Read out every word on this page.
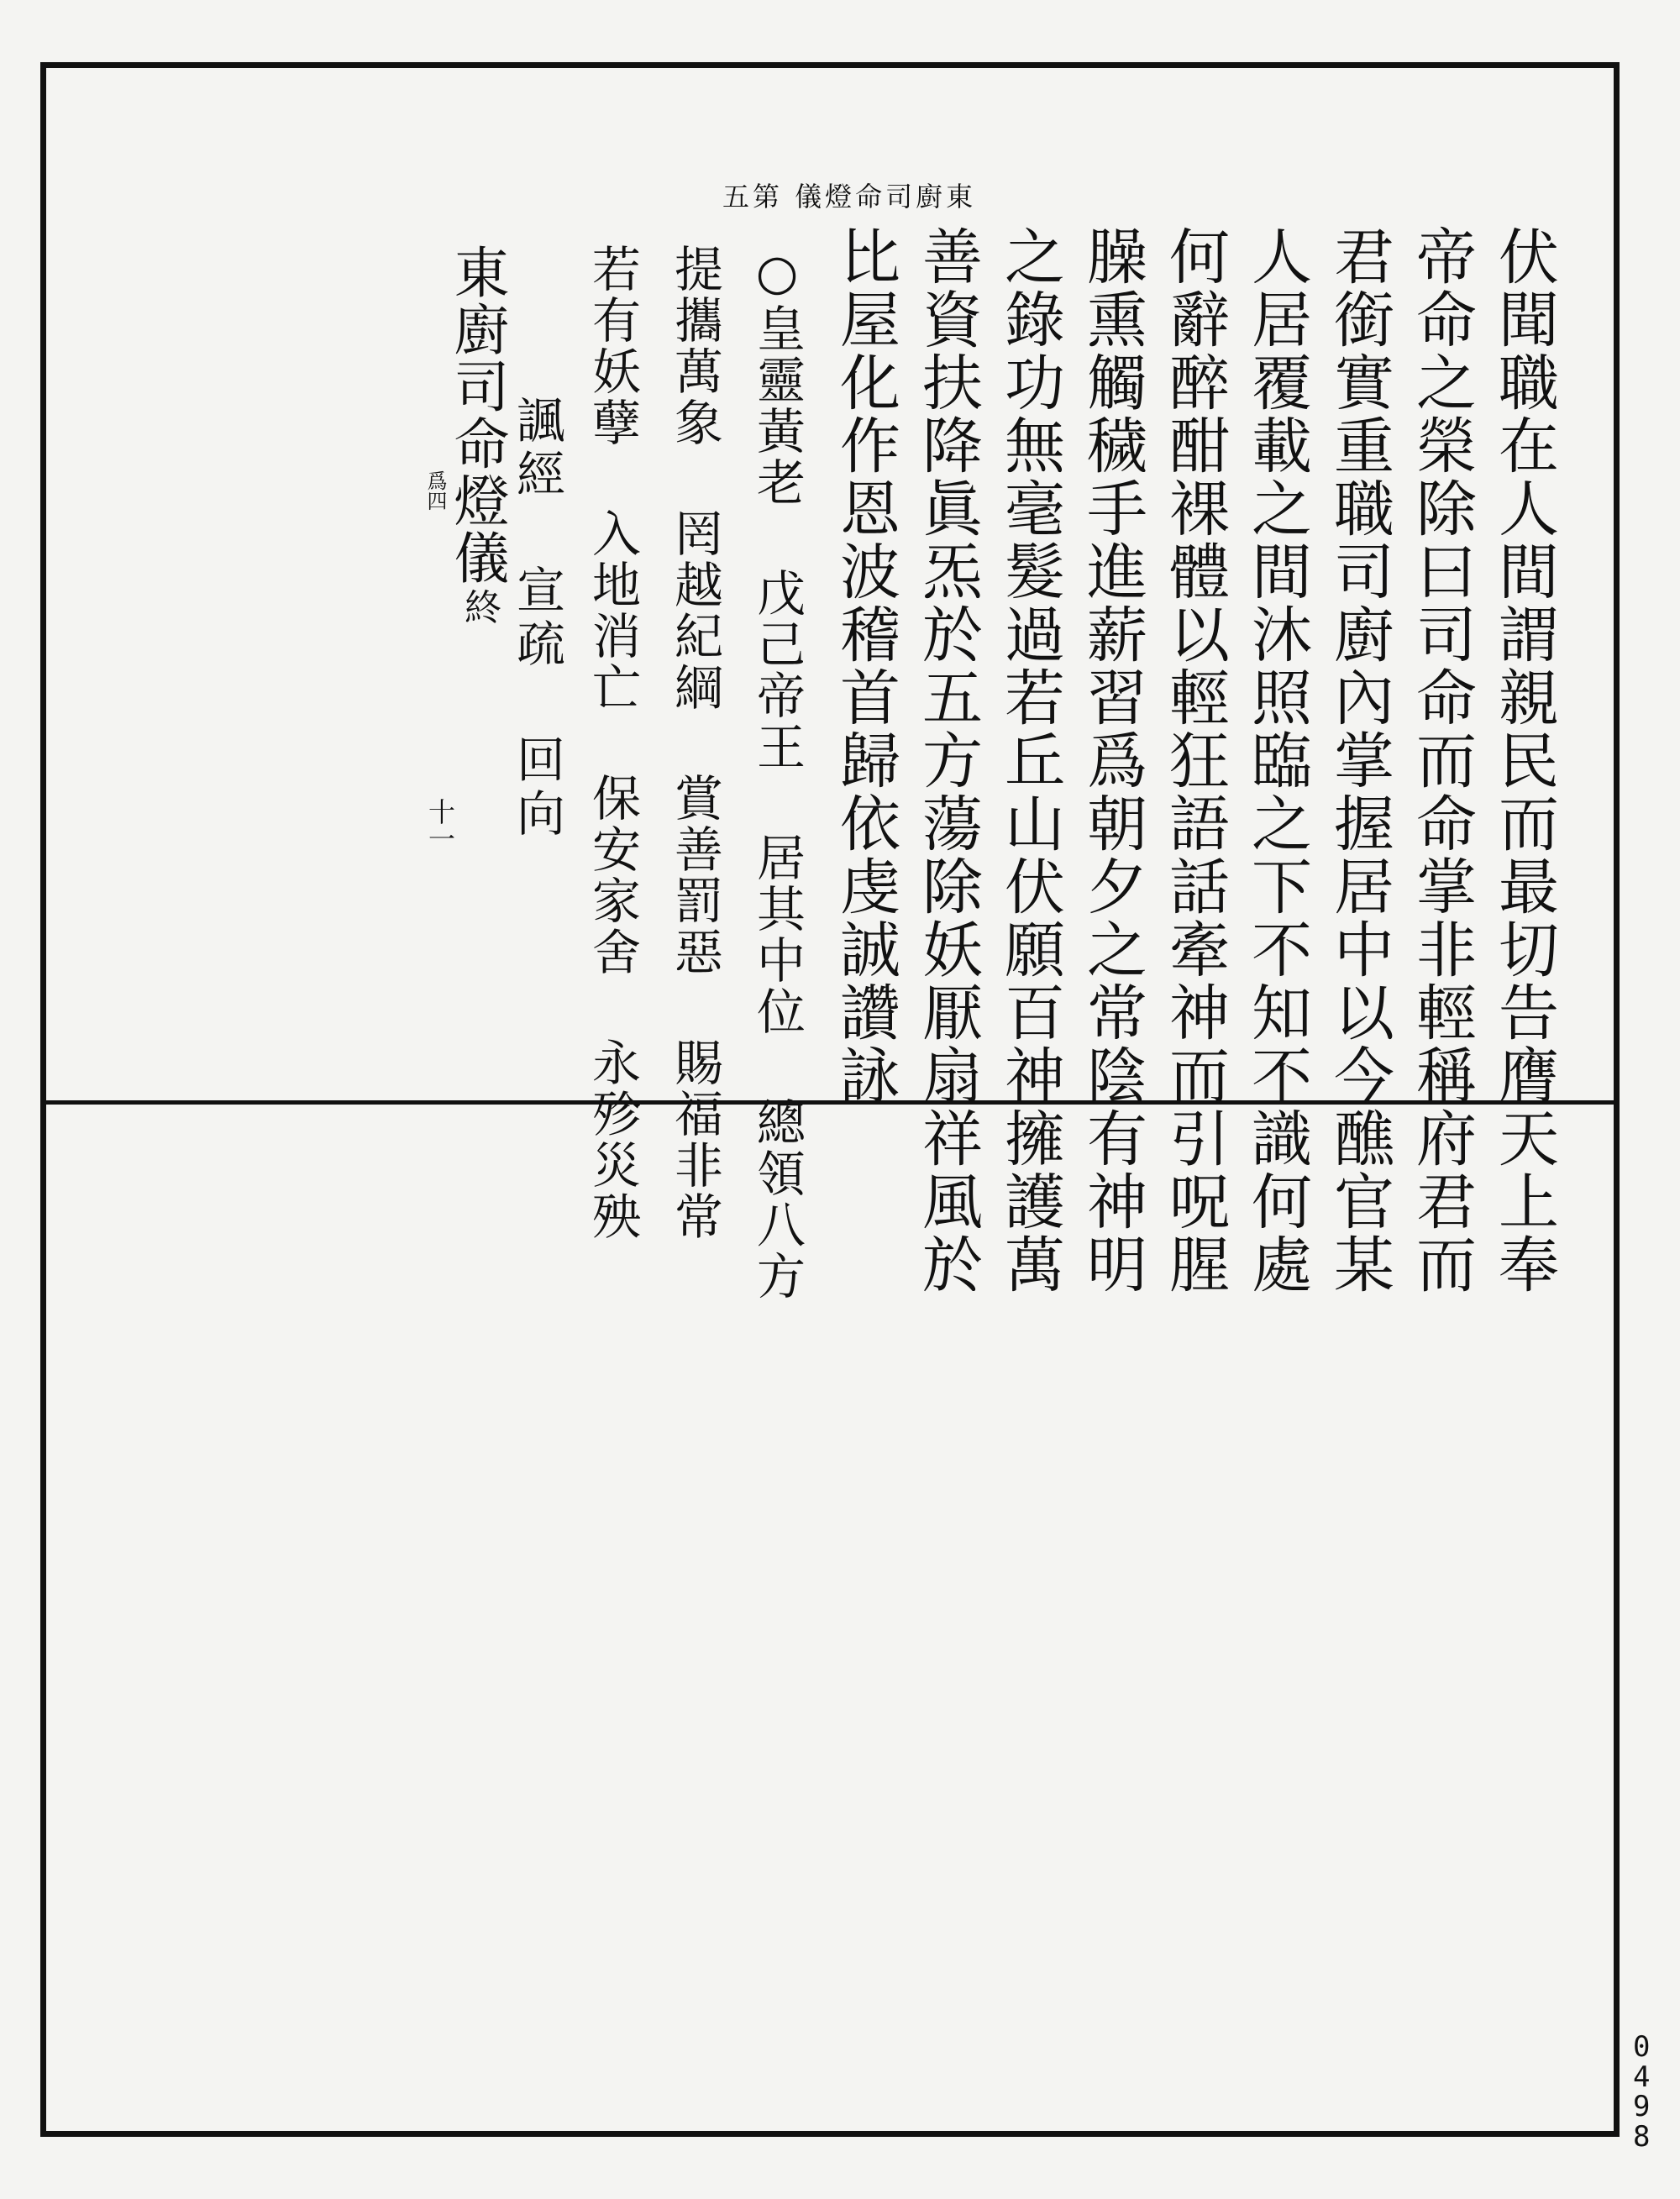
五第 儀燈命司廚東
伏聞職在人間謂親民而最切告膺天上奉
帝命之榮除曰司命而命掌非輕稱府君而
君銜實重職司廚內掌握居中以今醮官某
人居覆載之間沐照臨之下不知不識何處
何辭醉酣裸體以輕狂語話牽神而引呪腥
臊熏觸穢手進薪習爲朝夕之常陰有神明
之錄功無毫髮過若丘山伏願百神擁護萬
善資扶降眞炁於五方蕩除妖厭扇祥風於
比屋化作恩波稽首歸依虔誠讚詠
○皇靈黃老 戊己帝王 居其中位 總領八方
提攜萬象 罔越紀綱 賞善罰惡 賜福非常
若有妖孽 入地消亡 保安家舍 永殄災殃
諷經 宣疏 回向
東廚司命燈儀
終
爲四
十一
0
4
9
8
